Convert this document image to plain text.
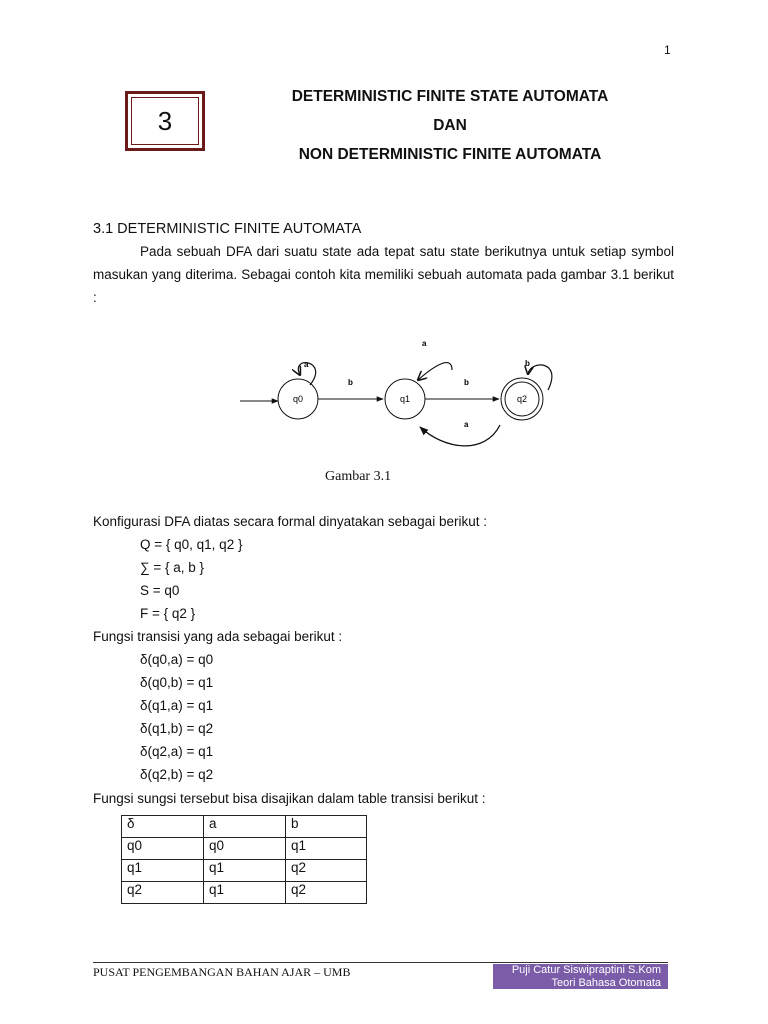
1
3
DETERMINISTIC FINITE STATE AUTOMATA
DAN
NON DETERMINISTIC FINITE AUTOMATA
3.1 DETERMINISTIC FINITE AUTOMATA
Pada sebuah DFA dari suatu state ada tepat satu state berikutnya untuk setiap symbol masukan yang diterima. Sebagai contoh kita memiliki sebuah automata pada gambar 3.1 berikut :
q0	q1	q2
a
b
a
b
b
a
Gambar 3.1
Konfigurasi DFA diatas secara formal dinyatakan sebagai berikut :
Q = { q0, q1, q2 }
∑ = { a, b }
S = q0
F = { q2 }
Fungsi transisi yang ada sebagai berikut :
δ(q0,a) = q0
δ(q0,b) = q1
δ(q1,a) = q1
δ(q1,b) = q2
δ(q2,a) = q1
δ(q2,b) = q2
Fungsi sungsi tersebut bisa disajikan dalam table transisi berikut :
δ	a	b
q0	q0	q1
q1	q1	q2
q2	q1	q2
PUSAT PENGEMBANGAN BAHAN AJAR – UMB	Puji Catur Siswipraptini S.Kom
Teori Bahasa Otomata
